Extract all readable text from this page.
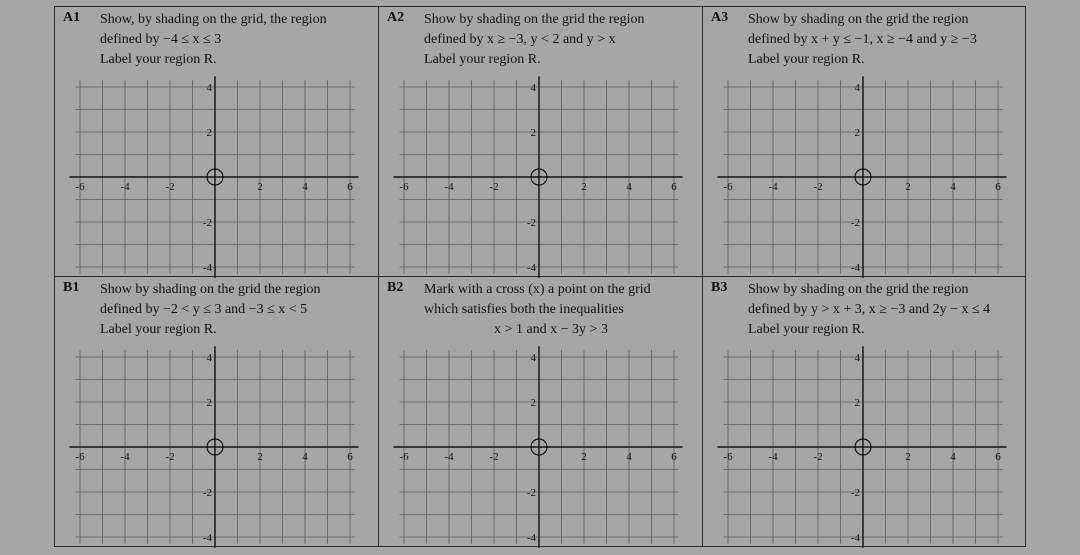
A1 Show, by shading on the grid, the region
defined by −4 ≤ x ≤ 3
Label your region R.
-6	-4	-2	2	4	6
4
2
-2
-4
A2 Show by shading on the grid the region
defined by x ≥ −3, y < 2 and y > x
Label your region R.
-6	-4	-2	2	4	6
4
2
-2
-4
A3 Show by shading on the grid the region
defined by x + y ≤ −1, x ≥ −4 and y ≥ −3
Label your region R.
-6	-4	-2	2	4	6
4
2
-2
-4
B1 Show by shading on the grid the region
defined by −2 < y ≤ 3 and −3 ≤ x < 5
Label your region R.
-6	-4	-2	2	4	6
4
2
-2
-4
B2 Mark with a cross (x) a point on the grid
which satisfies both the inequalities
x > 1 and x − 3y > 3
-6	-4	-2	2	4	6
4
2
-2
-4
B3 Show by shading on the grid the region
defined by y > x + 3, x ≥ −3 and 2y − x ≤ 4
Label your region R.
-6	-4	-2	2	4	6
4
2
-2
-4
